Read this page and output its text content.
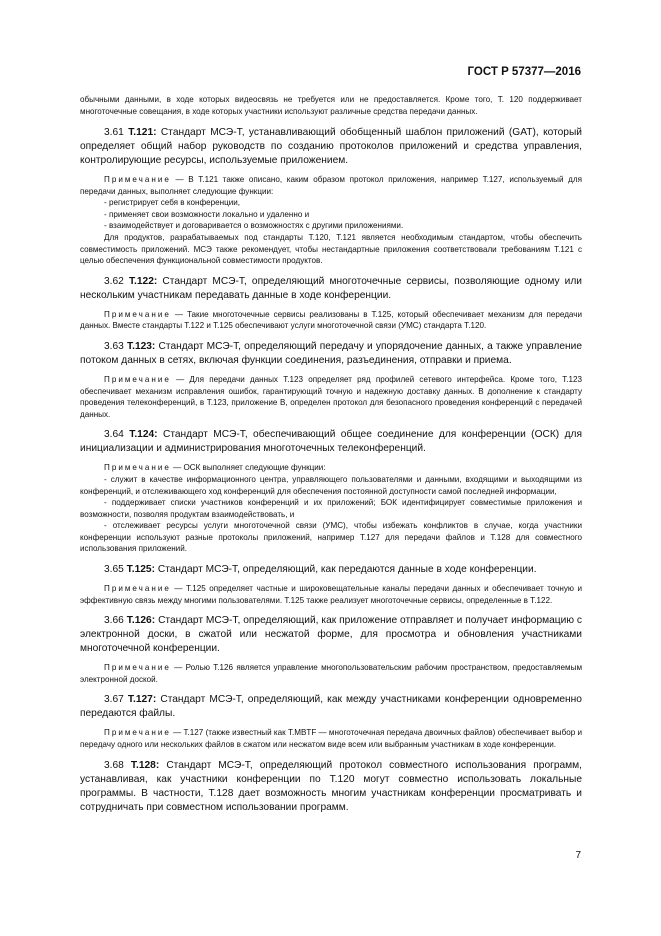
ГОСТ Р 57377—2016

обычными данными, в ходе которых видеосвязь не требуется или не предоставляется. Кроме того, Т. 120 поддерживает многоточечные совещания, в ходе которых участники используют различные средства передачи данных.

3.61 T.121: Стандарт МСЭ-Т, устанавливающий обобщенный шаблон приложений (GAT), который определяет общий набор руководств по созданию протоколов приложений и средства управления, контролирующие ресурсы, используемые приложением.

Примечание — В Т.121 также описано, каким образом протокол приложения, например Т.127, используемый для передачи данных, выполняет следующие функции:

- регистрирует себя в конференции,

- применяет свои возможности локально и удаленно и

- взаимодействует и договаривается о возможностях с другими приложениями.

Для продуктов, разрабатываемых под стандарты Т.120, Т.121 является необходимым стандартом, чтобы обеспечить совместимость приложений. МСЭ также рекомендует, чтобы нестандартные приложения соответствовали требованиям Т.121 с целью обеспечения функциональной совместимости продуктов.

3.62 T.122: Стандарт МСЭ-Т, определяющий многоточечные сервисы, позволяющие одному или нескольким участникам передавать данные в ходе конференции.

Примечание — Такие многоточечные сервисы реализованы в Т.125, который обеспечивает механизм для передачи данных. Вместе стандарты Т.122 и Т.125 обеспечивают услуги многоточечной связи (УМС) стандарта Т.120.

3.63 T.123: Стандарт МСЭ-Т, определяющий передачу и упорядочение данных, а также управление потоком данных в сетях, включая функции соединения, разъединения, отправки и приема.

Примечание — Для передачи данных Т.123 определяет ряд профилей сетевого интерфейса. Кроме того, Т.123 обеспечивает механизм исправления ошибок, гарантирующий точную и надежную доставку данных. В дополнение к стандарту проведения телеконференций, в Т.123, приложение В, определен протокол для безопасного проведения конференций с передачей данных.

3.64 T.124: Стандарт МСЭ-Т, обеспечивающий общее соединение для конференции (ОСК) для инициализации и администрирования многоточечных телеконференций.

Примечание — ОСК выполняет следующие функции:

- служит в качестве информационного центра, управляющего пользователями и данными, входящими и выходящими из конференций, и отслеживающего ход конференций для обеспечения постоянной доступности самой последней информации,

- поддерживает списки участников конференций и их приложений; БОК идентифицирует совместимые приложения и возможности, позволяя продуктам взаимодействовать, и

- отслеживает ресурсы услуги многоточечной связи (УМС), чтобы избежать конфликтов в случае, когда участники конференции используют разные протоколы приложений, например Т.127 для передачи файлов и Т.128 для совместного использования приложений.

3.65 T.125: Стандарт МСЭ-Т, определяющий, как передаются данные в ходе конференции.

Примечание — Т.125 определяет частные и широковещательные каналы передачи данных и обеспечивает точную и эффективную связь между многими пользователями. Т.125 также реализует многоточечные сервисы, определенные в Т.122.

3.66 T.126: Стандарт МСЭ-Т, определяющий, как приложение отправляет и получает информацию с электронной доски, в сжатой или несжатой форме, для просмотра и обновления участниками многоточечной конференции.

Примечание — Ролью Т.126 является управление многопользовательским рабочим пространством, предоставляемым электронной доской.

3.67 T.127: Стандарт МСЭ-Т, определяющий, как между участниками конференции одновременно передаются файлы.

Примечание — Т.127 (также известный как T.MBTF — многоточечная передача двоичных файлов) обеспечивает выбор и передачу одного или нескольких файлов в сжатом или несжатом виде всем или выбранным участникам в ходе конференции.

3.68 T.128: Стандарт МСЭ-Т, определяющий протокол совместного использования программ, устанавливая, как участники конференции по Т.120 могут совместно использовать локальные программы. В частности, Т.128 дает возможность многим участникам конференции просматривать и сотрудничать при совместном использовании программ.

7
